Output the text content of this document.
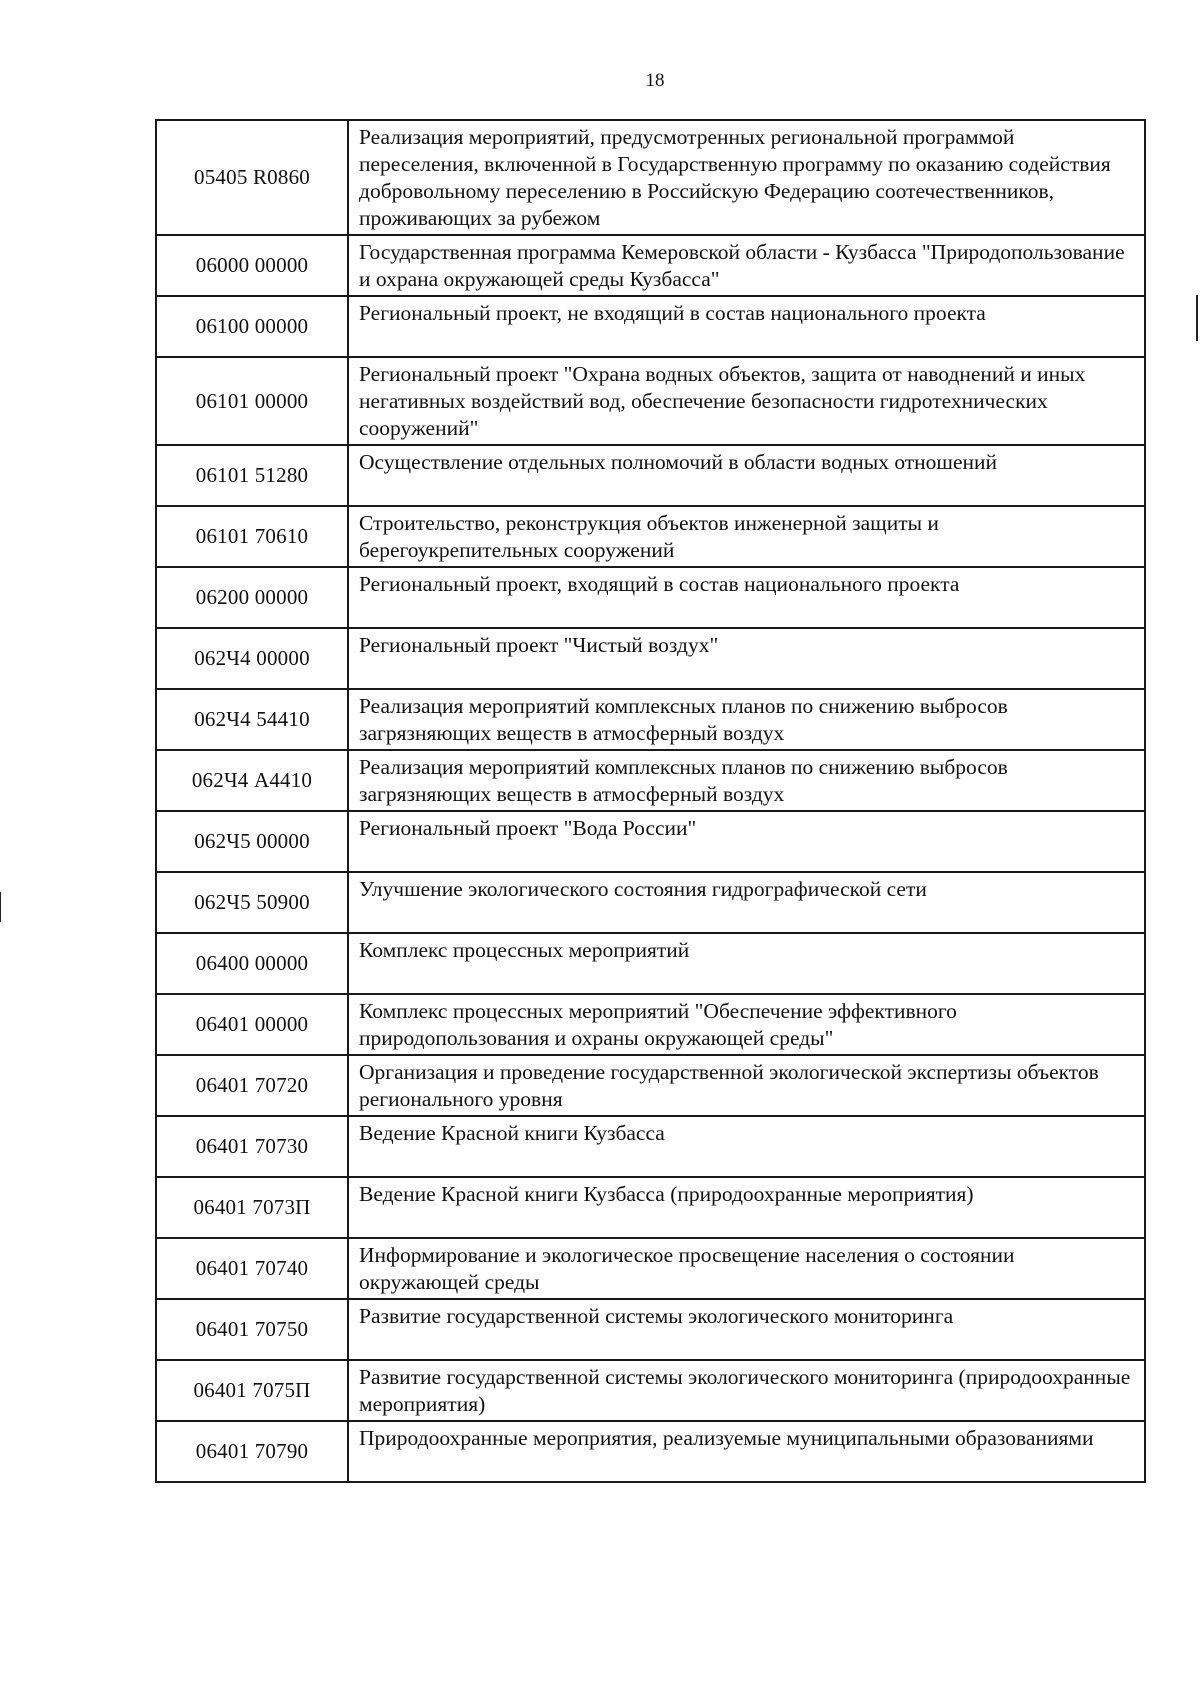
18
05405 R0860	Реализация мероприятий, предусмотренных региональной программой переселения, включенной в Государственную программу по оказанию содействия добровольному переселению в Российскую Федерацию соотечественников, проживающих за рубежом
06000 00000	Государственная программа Кемеровской области - Кузбасса "Природопользование и охрана окружающей среды Кузбасса"
06100 00000	Региональный проект, не входящий в состав национального проекта
06101 00000	Региональный проект "Охрана водных объектов, защита от наводнений и иных негативных воздействий вод, обеспечение безопасности гидротехнических сооружений"
06101 51280	Осуществление отдельных полномочий в области водных отношений
06101 70610	Строительство, реконструкция объектов инженерной защиты и берегоукрепительных сооружений
06200 00000	Региональный проект, входящий в состав национального проекта
062Ч4 00000	Региональный проект "Чистый воздух"
062Ч4 54410	Реализация мероприятий комплексных планов по снижению выбросов загрязняющих веществ в атмосферный воздух
062Ч4 А4410	Реализация мероприятий комплексных планов по снижению выбросов загрязняющих веществ в атмосферный воздух
062Ч5 00000	Региональный проект "Вода России"
062Ч5 50900	Улучшение экологического состояния гидрографической сети
06400 00000	Комплекс процессных мероприятий
06401 00000	Комплекс процессных мероприятий "Обеспечение эффективного природопользования и охраны окружающей среды"
06401 70720	Организация и проведение государственной экологической экспертизы объектов регионального уровня
06401 70730	Ведение Красной книги Кузбасса
06401 7073П	Ведение Красной книги Кузбасса (природоохранные мероприятия)
06401 70740	Информирование и экологическое просвещение населения о состоянии окружающей среды
06401 70750	Развитие государственной системы экологического мониторинга
06401 7075П	Развитие государственной системы экологического мониторинга (природоохранные мероприятия)
06401 70790	Природоохранные мероприятия, реализуемые муниципальными образованиями
